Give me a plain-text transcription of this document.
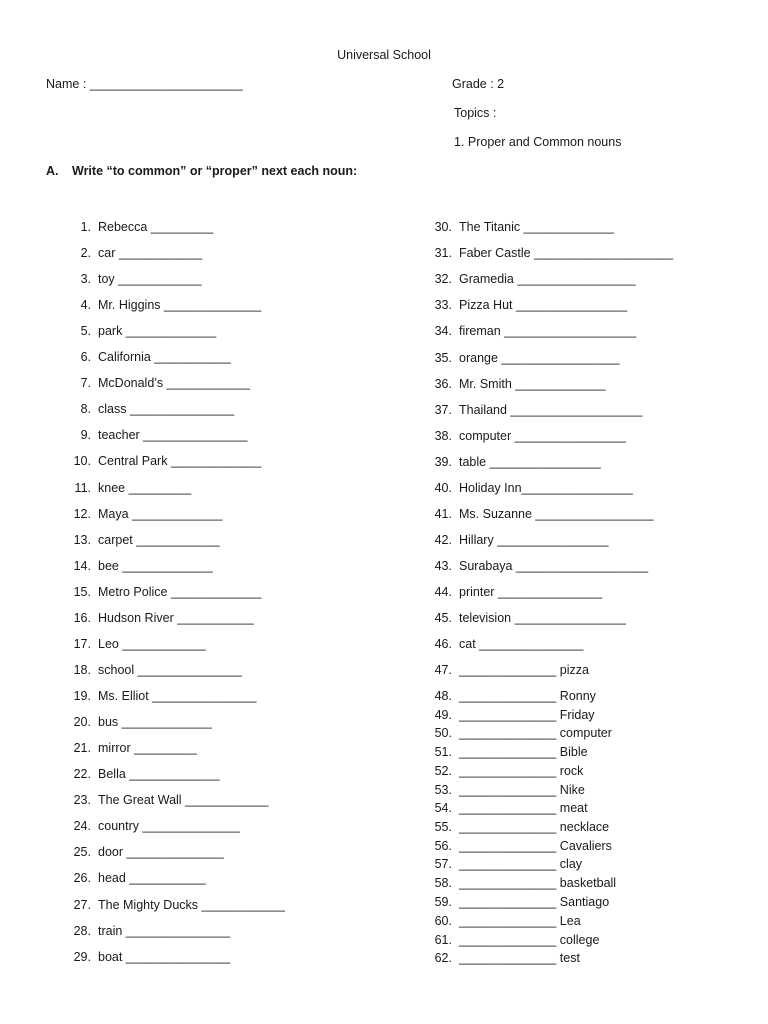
Universal School
Name : ______________________	Grade : 2
Topics :
1. Proper and Common nouns
A. Write “to common” or “proper” next each noun:
1. Rebecca _________
2. car ____________
3. toy ____________
4. Mr. Higgins ______________
5. park _____________
6. California ___________
7. McDonald’s ____________
8. class _______________
9. teacher _______________
10. Central Park _____________
11. knee _________
12. Maya _____________
13. carpet ____________
14. bee _____________
15. Metro Police _____________
16. Hudson River ___________
17. Leo ____________
18. school _______________
19. Ms. Elliot _______________
20. bus _____________
21. mirror _________
22. Bella _____________
23. The Great Wall ____________
24. country ______________
25. door ______________
26. head ___________
27. The Mighty Ducks ____________
28. train _______________
29. boat _______________
30. The Titanic _____________
31. Faber Castle ____________________
32. Gramedia _________________
33. Pizza Hut ________________
34. fireman ___________________
35. orange _________________
36. Mr. Smith _____________
37. Thailand ___________________
38. computer ________________
39. table ________________
40. Holiday Inn________________
41. Ms. Suzanne _________________
42. Hillary ________________
43. Surabaya ___________________
44. printer _______________
45. television ________________
46. cat _______________
47. ______________ pizza
48. ______________ Ronny
49. ______________ Friday
50. ______________ computer
51. ______________ Bible
52. ______________ rock
53. ______________ Nike
54. ______________ meat
55. ______________ necklace
56. ______________ Cavaliers
57. ______________ clay
58. ______________ basketball
59. ______________ Santiago
60. ______________ Lea
61. ______________ college
62. ______________ test
